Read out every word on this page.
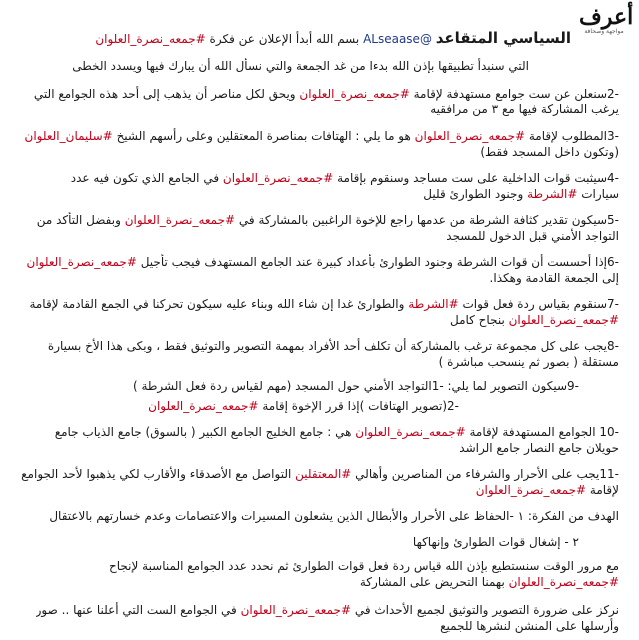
أعرف
مواجهة وصحافة
السياسي المتقاعد @ALseaase بسم الله أبدأ الإعلان عن فكرة #جمعه_نصرة_العلوان
التي سنبدأ تطبيقها بإذن الله بدءا من غد الجمعة والتي نسأل الله أن يبارك فيها ويسدد الخطى
-2سنعلن عن ست جوامع مستهدفة لإقامة #جمعه_نصرة_العلوان ويحق لكل مناصر أن يذهب إلى أحد هذه الجوامع التي
يرغب المشاركة فيها مع ٣ من مرافقيه
-3المطلوب لإقامة #جمعه_نصرة_العلوان هو ما يلي : الهتافات بمناصرة المعتقلين وعلى رأسهم الشيخ #سليمان_العلوان
(وتكون داخل المسجد فقط)
-4سيثبت قوات الداخلية على ست مساجد وسنقوم بإقامة #جمعه_نصرة_العلوان في الجامع الذي تكون فيه عدد
سيارات #الشرطة وجنود الطوارئ قليل
-5سيكون تقدير كثافة الشرطة من عدمها راجع للإخوة الراغبين بالمشاركة في #جمعه_نصرة_العلوان وبفضل التأكد من
التواجد الأمني قبل الدخول للمسجد
-6إذا أحسست أن قوات الشرطة وجنود الطوارئ بأعداد كبيرة عند الجامع المستهدف فيجب تأجيل #جمعه_نصرة_العلوان
إلى الجمعة القادمة وهكذا.
-7سنقوم بقياس ردة فعل قوات #الشرطة والطوارئ غدا إن شاء الله وبناء عليه سيكون تحركنا في الجمع القادمة لإقامة
#جمعه_نصرة_العلوان بنجاح كامل
-8يجب على كل مجموعة ترغب بالمشاركة أن تكلف أحد الأفراد بمهمة التصوير والتوثيق فقط ، وبكى هذا الأخ بسيارة
مستقلة ( بصور ثم ينسحب مباشرة )
-9سيكون التصوير لما يلي: -1التواجد الأمني حول المسجد (مهم لقياس ردة فعل الشرطة )
-2(تصوير الهتافات )إذا قرر الإخوة إقامة #جمعه_نصرة_العلوان
-10 الجوامع المستهدفة لإقامة #جمعه_نصرة_العلوان هي : جامع الخليج الجامع الكبير ( بالسوق) جامع الذياب جامع
حويلان جامع النصار جامع الراشد
-11يجب على الأحرار والشرفاء من المناصرين وأهالي #المعتقلين التواصل مع الأصدقاء والأقارب لكي يذهبوا لأحد الجوامع
لإقامة #جمعه_نصرة_العلوان
الهدف من الفكرة: ١ -الحفاظ على الأحرار والأبطال الذين يشعلون المسيرات والاعتصامات وعدم خسارتهم بالاعتقال
٢ - إشغال قوات الطوارئ وإنهاكها
مع مرور الوقت سنستطيع بإذن الله قياس ردة فعل قوات الطوارئ ثم نحدد عدد الجوامع المناسبة لإنجاح
#جمعه_نصرة_العلوان بهمنا التحريض على المشاركة
نركز على ضرورة التصوير والتوثيق لجميع الأحداث في #جمعه_نصرة_العلوان في الجوامع الست التي أعلنا عنها .. صور
وأرسلها على المنشن لنشرها للجميع
